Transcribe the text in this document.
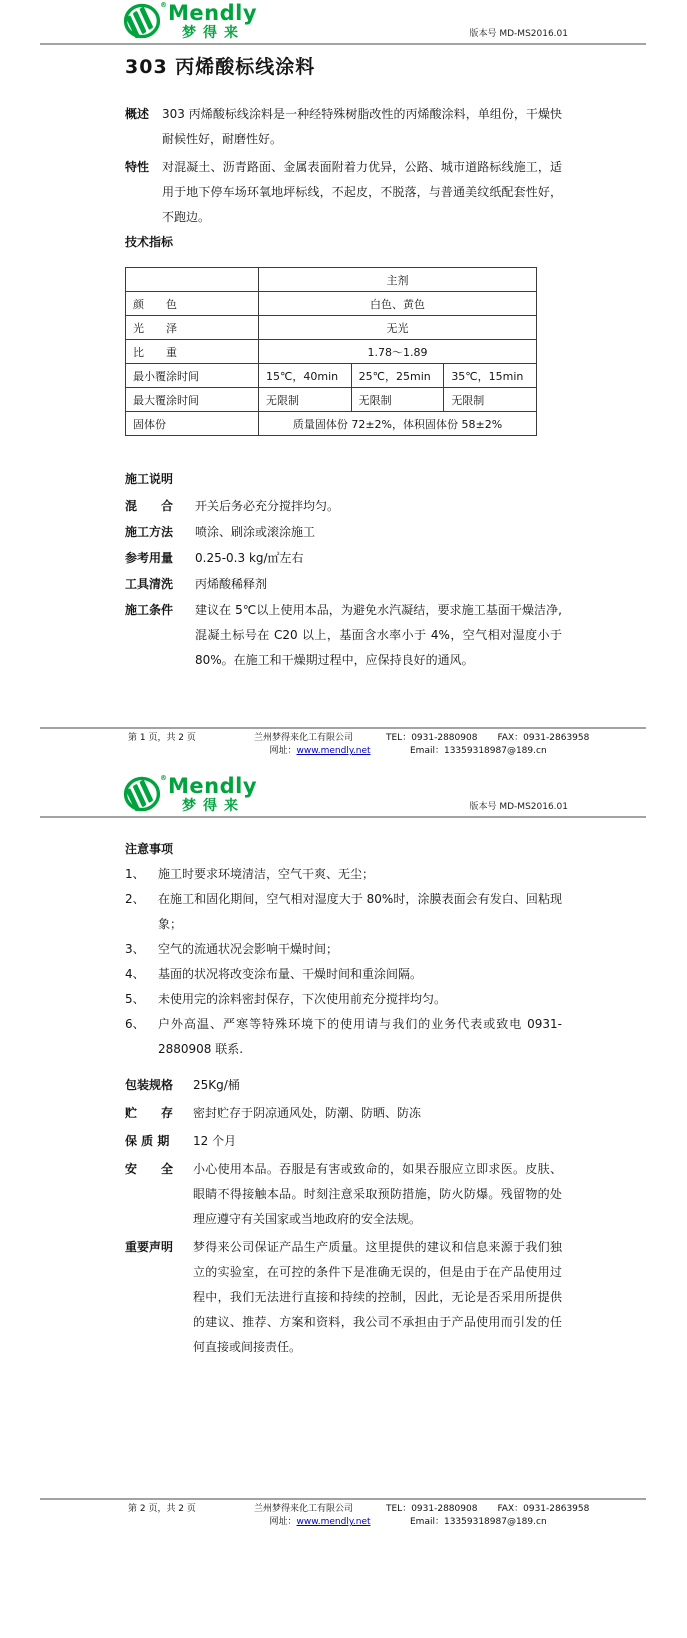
® Mendly
梦得来	版本号 MD-MS2016.01
303 丙烯酸标线涂料
概述	303 丙烯酸标线涂料是一种经特殊树脂改性的丙烯酸涂料，单组份，干燥快耐候性好，耐磨性好。

特性	对混凝土、沥青路面、金属表面附着力优异，公路、城市道路标线施工，适用于地下停车场环氧地坪标线，不起皮，不脱落，与普通美纹纸配套性好，不跑边。

技术指标
	主剂		
颜　　色	白色、黄色		
光　　泽	无光		
比　　重	1.78～1.89		
最小覆涂时间	15℃，40min	25℃，25min	35℃，15min
最大覆涂时间	无限制	无限制	无限制
固体份	质量固体份 72±2%，体积固体份 58±2%		
施工说明
混　　合	开关后务必充分搅拌均匀。

施工方法	喷涂、刷涂或滚涂施工

参考用量	0.25-0.3 kg/㎡左右

工具清洗	丙烯酸稀释剂

施工条件	建议在 5℃以上使用本品，为避免水汽凝结，要求施工基面干燥洁净,混凝土标号在 C20 以上，基面含水率小于 4%，空气相对湿度小于 80%。在施工和干燥期过程中，应保持良好的通风。

第 1 页，共 2 页	兰州梦得来化工有限公司	TEL：0931-2880908 FAX：0931-2863958
网址：www.mendly.net	Email：13359318987@189.cn
® Mendly
梦得来	版本号 MD-MS2016.01
注意事项
1、	施工时要求环境清洁，空气干爽、无尘；

2、	在施工和固化期间，空气相对湿度大于 80%时，涂膜表面会有发白、回粘现象；

3、	空气的流通状况会影响干燥时间；

4、	基面的状况将改变涂布量、干燥时间和重涂间隔。

5、	未使用完的涂料密封保存，下次使用前充分搅拌均匀。

6、	户外高温、严寒等特殊环境下的使用请与我们的业务代表或致电 0931-2880908 联系.

包装规格	25Kg/桶

贮　　存	密封贮存于阴凉通风处，防潮、防晒、防冻

保 质 期	12 个月

安　　全	小心使用本品。吞服是有害或致命的，如果吞服应立即求医。皮肤、眼睛不得接触本品。时刻注意采取预防措施，防火防爆。残留物的处理应遵守有关国家或当地政府的安全法规。

重要声明	梦得来公司保证产品生产质量。这里提供的建议和信息来源于我们独立的实验室，在可控的条件下是准确无误的，但是由于在产品使用过程中，我们无法进行直接和持续的控制，因此，无论是否采用所提供的建议、推荐、方案和资料，我公司不承担由于产品使用而引发的任何直接或间接责任。

第 2 页，共 2 页	兰州梦得来化工有限公司	TEL：0931-2880908 FAX：0931-2863958
网址：www.mendly.net	Email：13359318987@189.cn
